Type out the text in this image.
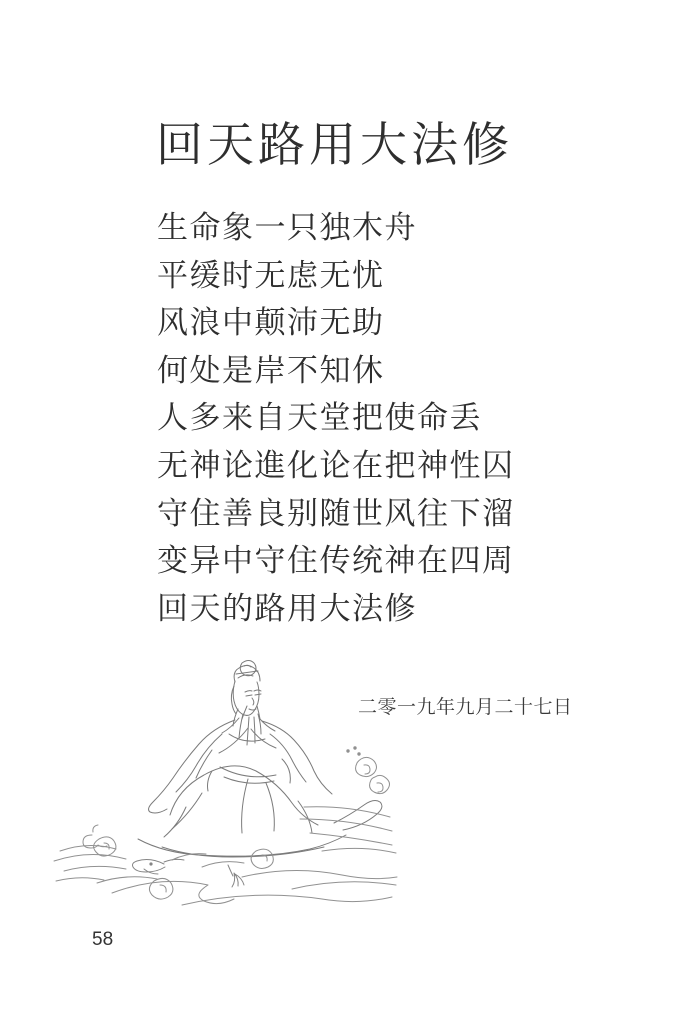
回天路用大法修
生命象一只独木舟
平缓时无虑无忧
风浪中颠沛无助
何处是岸不知休
人多来自天堂把使命丢
无神论進化论在把神性囚
守住善良别随世风往下溜
变异中守住传统神在四周
回天的路用大法修
二零一九年九月二十七日
58
